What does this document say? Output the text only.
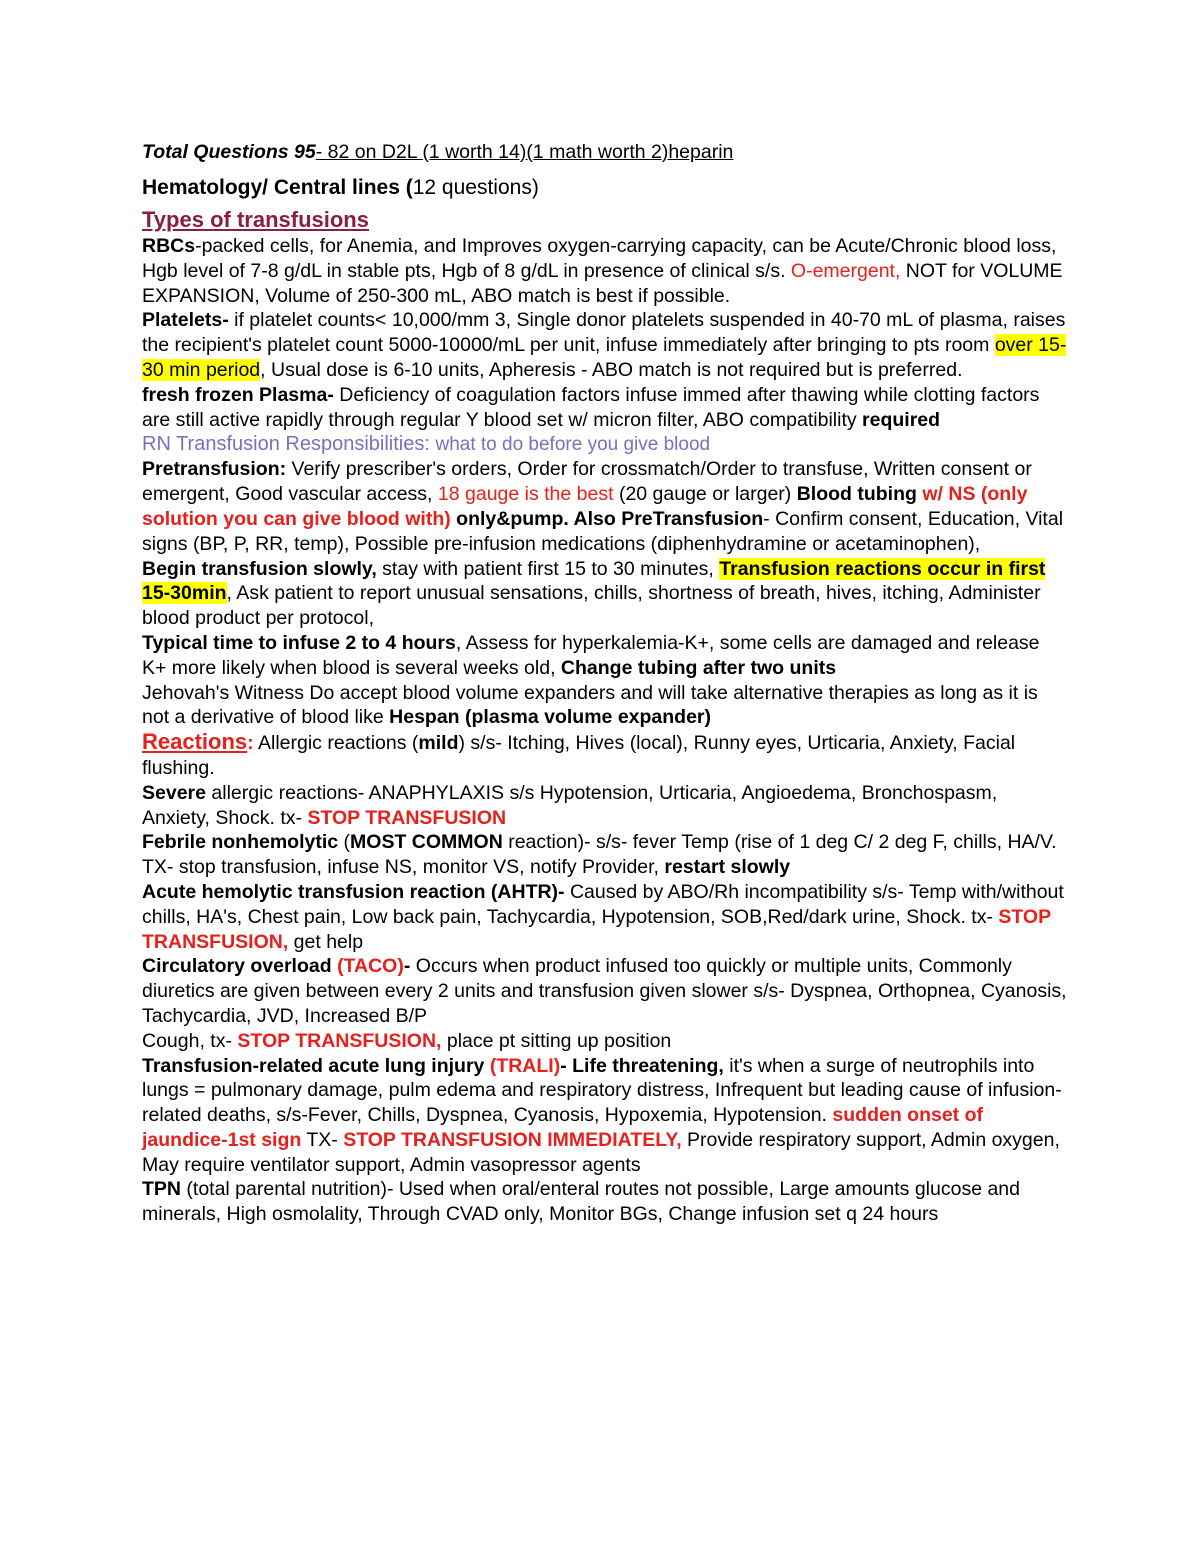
Total Questions 95- 82 on D2L (1 worth 14)(1 math worth 2)heparin

Hematology/ Central lines (12 questions)

Types of transfusions

RBCs-packed cells, for Anemia, and Improves oxygen-carrying capacity, can be Acute/Chronic blood loss, Hgb level of 7-8 g/dL in stable pts, Hgb of 8 g/dL in presence of clinical s/s. O-emergent, NOT for VOLUME EXPANSION, Volume of 250-300 mL, ABO match is best if possible.

Platelets- if platelet counts< 10,000/mm 3, Single donor platelets suspended in 40-70 mL of plasma, raises the recipient's platelet count 5000-10000/mL per unit, infuse immediately after bringing to pts room over 15-30 min period, Usual dose is 6-10 units, Apheresis - ABO match is not required but is preferred.

fresh frozen Plasma- Deficiency of coagulation factors infuse immed after thawing while clotting factors are still active rapidly through regular Y blood set w/ micron filter, ABO compatibility required

RN Transfusion Responsibilities: what to do before you give blood

Pretransfusion: Verify prescriber's orders, Order for crossmatch/Order to transfuse, Written consent or emergent, Good vascular access, 18 gauge is the best (20 gauge or larger) Blood tubing w/ NS (only solution you can give blood with) only&pump. Also PreTransfusion- Confirm consent, Education, Vital signs (BP, P, RR, temp), Possible pre-infusion medications (diphenhydramine or acetaminophen),

Begin transfusion slowly, stay with patient first 15 to 30 minutes, Transfusion reactions occur in first 15-30min, Ask patient to report unusual sensations, chills, shortness of breath, hives, itching, Administer blood product per protocol,

Typical time to infuse 2 to 4 hours, Assess for hyperkalemia-K+, some cells are damaged and release K+ more likely when blood is several weeks old, Change tubing after two units

Jehovah's Witness Do accept blood volume expanders and will take alternative therapies as long as it is not a derivative of blood like Hespan (plasma volume expander)

Reactions: Allergic reactions (mild) s/s- Itching, Hives (local), Runny eyes, Urticaria, Anxiety, Facial flushing.

Severe allergic reactions- ANAPHYLAXIS s/s Hypotension, Urticaria, Angioedema, Bronchospasm, Anxiety, Shock. tx- STOP TRANSFUSION

Febrile nonhemolytic (MOST COMMON reaction)- s/s- fever Temp (rise of 1 deg C/ 2 deg F, chills, HA/V. TX- stop transfusion, infuse NS, monitor VS, notify Provider, restart slowly

Acute hemolytic transfusion reaction (AHTR)- Caused by ABO/Rh incompatibility s/s- Temp with/without chills, HA's, Chest pain, Low back pain, Tachycardia, Hypotension, SOB,Red/dark urine, Shock. tx- STOP TRANSFUSION, get help

Circulatory overload (TACO)- Occurs when product infused too quickly or multiple units, Commonly diuretics are given between every 2 units and transfusion given slower s/s- Dyspnea, Orthopnea, Cyanosis, Tachycardia, JVD, Increased B/P

Cough, tx- STOP TRANSFUSION, place pt sitting up position

Transfusion-related acute lung injury (TRALI)- Life threatening, it's when a surge of neutrophils into lungs = pulmonary damage, pulm edema and respiratory distress, Infrequent but leading cause of infusion-related deaths, s/s-Fever, Chills, Dyspnea, Cyanosis, Hypoxemia, Hypotension. sudden onset of jaundice-1st sign TX- STOP TRANSFUSION IMMEDIATELY, Provide respiratory support, Admin oxygen, May require ventilator support, Admin vasopressor agents

TPN (total parental nutrition)- Used when oral/enteral routes not possible, Large amounts glucose and minerals, High osmolality, Through CVAD only, Monitor BGs, Change infusion set q 24 hours
